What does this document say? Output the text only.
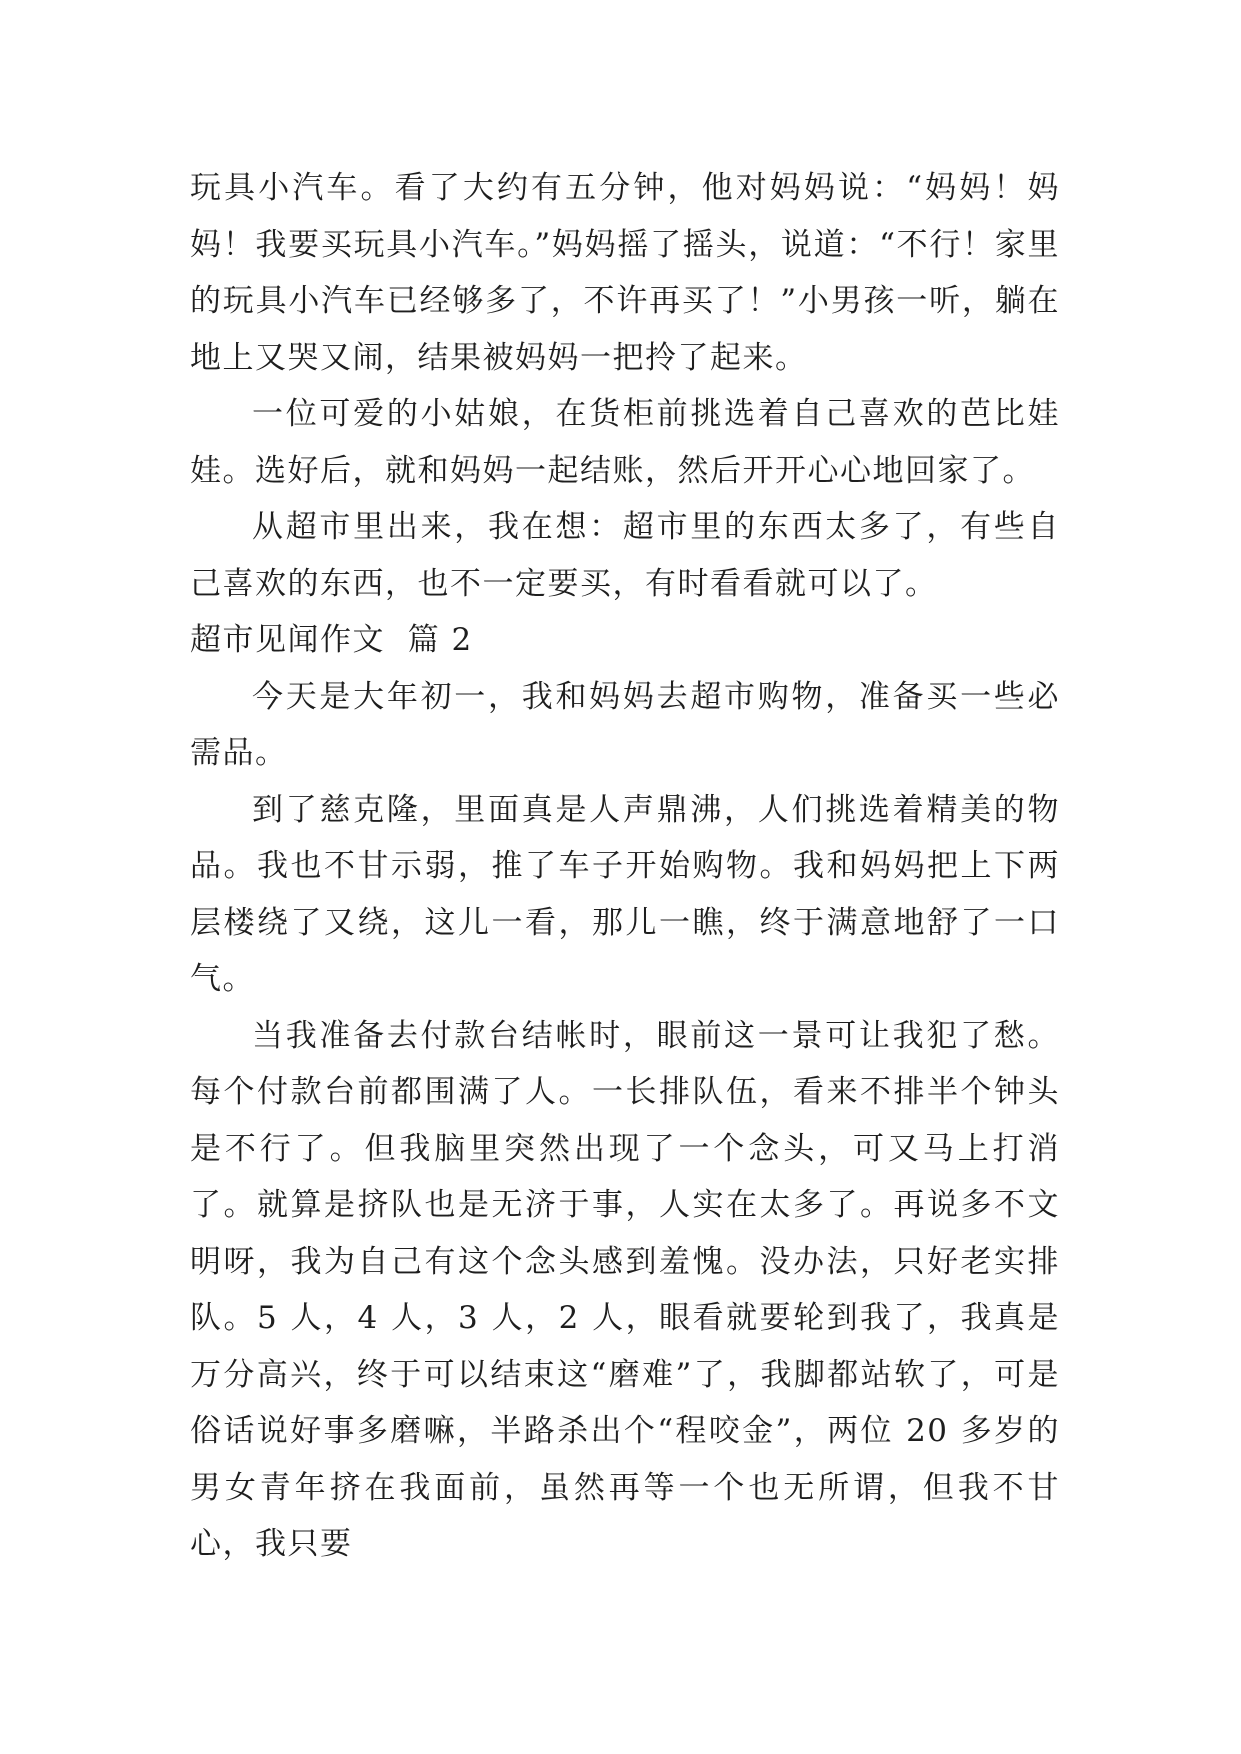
玩具小汽车。看了大约有五分钟，他对妈妈说：“妈妈！妈妈！我要买玩具小汽车。”妈妈摇了摇头，说道：“不行！家里的玩具小汽车已经够多了，不许再买了！”小男孩一听，躺在地上又哭又闹，结果被妈妈一把拎了起来。

一位可爱的小姑娘，在货柜前挑选着自己喜欢的芭比娃娃。选好后，就和妈妈一起结账，然后开开心心地回家了。

从超市里出来，我在想：超市里的东西太多了，有些自己喜欢的东西，也不一定要买，有时看看就可以了。

超市见闻作文  篇 2

今天是大年初一，我和妈妈去超市购物，准备买一些必需品。

到了慈克隆，里面真是人声鼎沸，人们挑选着精美的物品。我也不甘示弱，推了车子开始购物。我和妈妈把上下两层楼绕了又绕，这儿一看，那儿一瞧，终于满意地舒了一口气。

当我准备去付款台结帐时，眼前这一景可让我犯了愁。每个付款台前都围满了人。一长排队伍，看来不排半个钟头是不行了。但我脑里突然出现了一个念头，可又马上打消了。就算是挤队也是无济于事，人实在太多了。再说多不文明呀，我为自己有这个念头感到羞愧。没办法，只好老实排队。5 人，4 人，3 人，2 人，眼看就要轮到我了，我真是万分高兴，终于可以结束这“磨难”了，我脚都站软了，可是俗话说好事多磨嘛，半路杀出个“程咬金”，两位 20 多岁的男女青年挤在我面前，虽然再等一个也无所谓，但我不甘心，我只要
